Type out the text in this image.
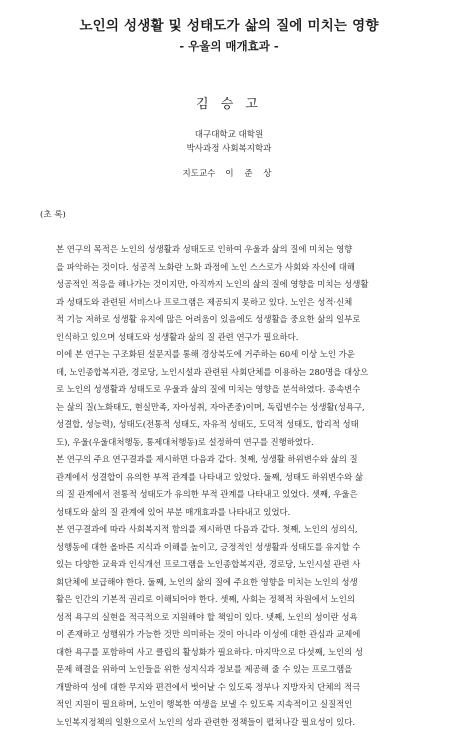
노인의 성생활 및 성태도가 삶의 질에 미치는 영향
- 우울의 매개효과 -
김 승 고
대구대학교 대학원
박사과정 사회복지학과
지도교수 이 준 상
(초 록)
본 연구의 목적은 노인의 성생활과 성태도로 인하여 우울과 삶의 질에 미치는 영향
을 파악하는 것이다. 성공적 노화란 노화 과정에 노인 스스로가 사회와 자신에 대해
성공적인 적응을 해나가는 것이지만, 아직까지 노인의 삶의 질에 영향을 미치는 성생활
과 성태도와 관련된 서비스나 프로그램은 제공되지 못하고 있다. 노인은 성적·신체
적 기능 저하로 성생활 유지에 많은 어려움이 있음에도 성생활을 중요한 삶의 일부로
인식하고 있으며 성태도와 성생활과 삶의 질 관련 연구가 필요하다.
이에 본 연구는 구조화된 설문지를 통해 경상북도에 거주하는 60세 이상 노인 가운
데, 노인종합복지관, 경로당, 노인시설과 관련된 사회단체를 이용하는 280명을 대상으
로 노인의 성생활과 성태도로 우울과 삶의 질에 미치는 영향을 분석하였다. 종속변수
는 삶의 질(노화태도, 현실만족, 자아성취, 자아존중)이며, 독립변수는 성생활(성욕구,
성결합, 성능력), 성태도(전통적 성태도, 자유적 성태도, 도덕적 성태도, 합리적 성태
도), 우울(우울대처행동, 통제대처행동)로 설정하여 연구를 진행하였다.
본 연구의 주요 연구결과를 제시하면 다음과 같다. 첫째, 성생활 하위변수와 삶의 질
관계에서 성결합이 유의한 부적 관계를 나타내고 있었다. 둘째, 성태도 하위변수와 삶
의 질 관계에서 전통적 성태도가 유의한 부적 관계를 나타내고 있었다. 셋째, 우울은
성태도와 삶의 질 관계에 있어 부분 매개효과를 나타내고 있었다.
본 연구결과에 따라 사회복지적 함의를 제시하면 다음과 같다. 첫째, 노인의 성의식,
성행동에 대한 올바른 지식과 이해를 높이고, 긍정적인 성생활과 성태도를 유지할 수
있는 다양한 교육과 인식개선 프로그램을 노인종합복지관, 경로당, 노인시설 관련 사
회단체에 보급해야 한다. 둘째, 노인의 삶의 질에 주요한 영향을 미치는 노인의 성생
활은 인간의 기본적 권리로 이해되어야 한다. 셋째, 사회는 정책적 차원에서 노인의
성적 욕구의 실현을 적극적으로 지원해야 할 책임이 있다. 넷째, 노인의 성이란 성욕
이 존재하고 성행위가 가능한 것만 의미하는 것이 아니라 이성에 대한 관심과 교제에
대한 욕구를 포함하여 사고 클립의 활성화가 필요하다. 마지막으로 다섯째, 노인의 성
문제 해결을 위하여 노인들을 위한 성지식과 정보를 제공해 줄 수 있는 프로그램을
개발하여 성에 대한 무지와 편견에서 벗어날 수 있도록 정부나 지방자치 단체의 적극
적인 지원이 필요하며, 노인이 행복한 여생을 보낼 수 있도록 지속적이고 실질적인
노인복지정책의 일환으로서 노인의 성과 관련한 정책들이 펼쳐나갈 필요성이 있다.
